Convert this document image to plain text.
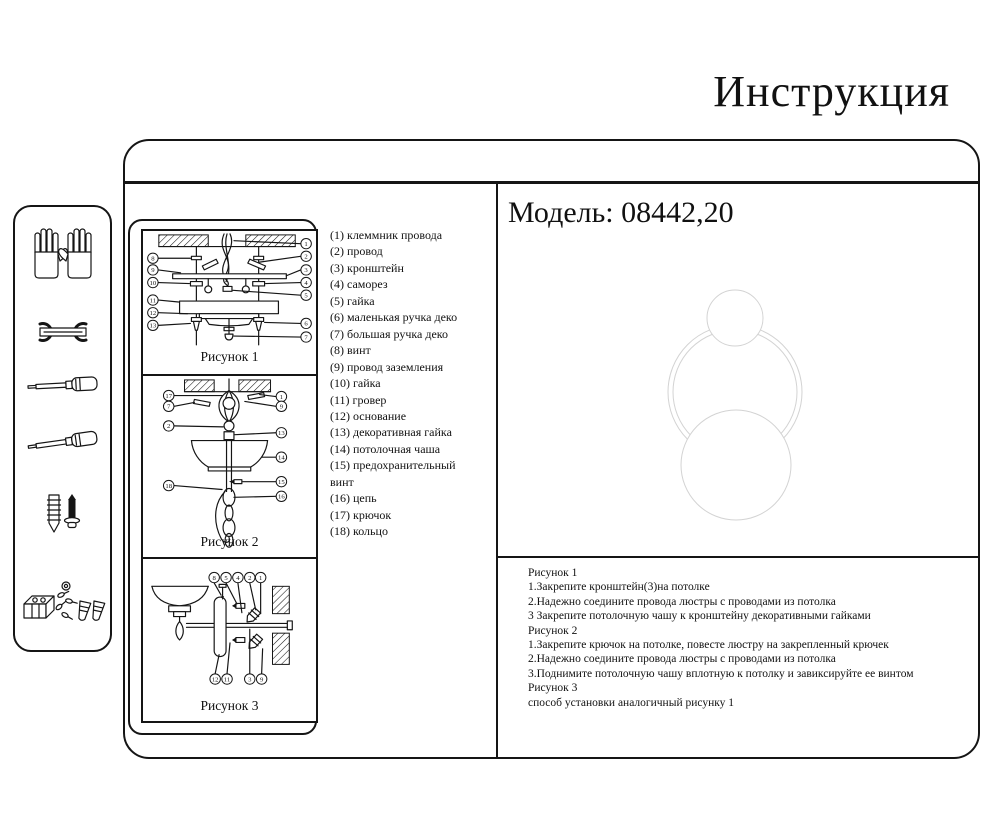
Инструкция
Модель: 08442,20
Рисунок 1
1.Закрепите кронштейн(3)на потолке
2.Надежно соедините провода люстры с проводами из потолка
3 Закрепите потолочную чашу к кронштейну декоративными гайками
Рисунок 2
1.Закрепите крючок на потолке, повесте люстру на закрепленный крючек
2.Надежно соедините провода люстры с проводами из потолка
3.Поднимите потолочную чашу вплотную к потолку и завиксируйте ее винтом
Рисунок 3
способ установки аналогичный рисунку 1
(1) клеммник провода
(2) провод
(3) кронштейн
(4) саморез
(5) гайка
(6) маленькая ручка деко
(7) большая ручка деко
(8) винт
(9) провод заземления
(10) гайка
(11) гровер
(12) основание
(13) декоративная гайка
(14) потолочная чаша
(15) предохранительный винт
(16) цепь
(17) крючок
(18) кольцо
8
9
10
11
12
13
1
2
3
4
5
6
7
Рисунок 1
17
7
2
18
1
9
13
14
15
16
Рисунок 2
8 5 4 2 1
12 11	3 9
Рисунок 3
